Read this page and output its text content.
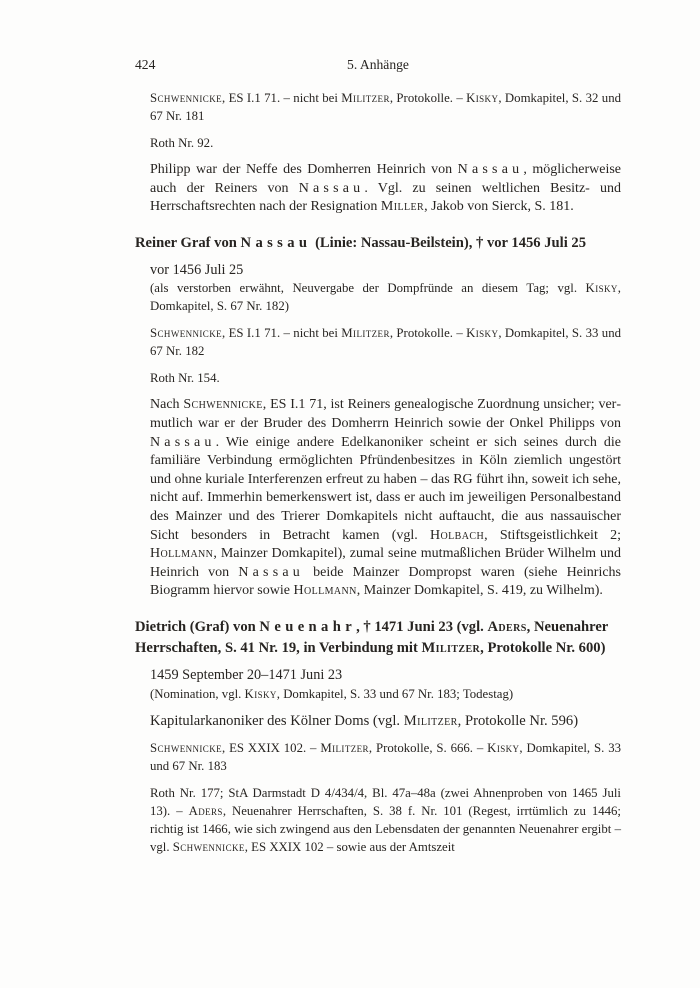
424	5. Anhänge

Schwennicke, ES I.1 71. – nicht bei Militzer, Protokolle. – Kisky, Domkapitel, S. 32 und 67 Nr. 181

Roth Nr. 92.

Philipp war der Neffe des Domherren Heinrich von Nassau, möglicherweise auch der Reiners von Nassau. Vgl. zu seinen weltlichen Besitz- und Herrschaftsrechten nach der Resignation Miller, Jakob von Sierck, S. 181.

Reiner Graf von Nassau (Linie: Nassau-Beilstein), † vor 1456 Juli 25

vor 1456 Juli 25

(als verstorben erwähnt, Neuvergabe der Dompfründe an diesem Tag; vgl. Kisky, Domkapitel, S. 67 Nr. 182)

Schwennicke, ES I.1 71. – nicht bei Militzer, Protokolle. – Kisky, Domkapitel, S. 33 und 67 Nr. 182

Roth Nr. 154.

Nach Schwennicke, ES I.1 71, ist Reiners genealogische Zuordnung unsicher; vermutlich war er der Bruder des Domherrn Heinrich sowie der Onkel Philipps von Nassau. Wie einige andere Edelkanoniker scheint er sich seines durch die familiäre Verbindung ermöglichten Pfründenbesitzes in Köln ziemlich ungestört und ohne kuriale Interferenzen erfreut zu haben – das RG führt ihn, soweit ich sehe, nicht auf. Immerhin bemerkenswert ist, dass er auch im jeweiligen Personalbestand des Mainzer und des Trierer Domkapitels nicht auftaucht, die aus nassauischer Sicht besonders in Betracht kamen (vgl. Holbach, Stiftsgeistlichkeit 2; Hollmann, Mainzer Domkapitel), zumal seine mutmaßlichen Brüder Wilhelm und Heinrich von Nassau beide Mainzer Dompropst waren (siehe Heinrichs Biogramm hiervor sowie Hollmann, Mainzer Domkapitel, S. 419, zu Wilhelm).

Dietrich (Graf) von Neuenahr, † 1471 Juni 23 (vgl. Aders, Neuenahrer Herrschaften, S. 41 Nr. 19, in Verbindung mit Militzer, Protokolle Nr. 600)

1459 September 20–1471 Juni 23

(Nomination, vgl. Kisky, Domkapitel, S. 33 und 67 Nr. 183; Todestag)

Kapitularkanoniker des Kölner Doms (vgl. Militzer, Protokolle Nr. 596)

Schwennicke, ES XXIX 102. – Militzer, Protokolle, S. 666. – Kisky, Domkapitel, S. 33 und 67 Nr. 183

Roth Nr. 177; StA Darmstadt D 4/434/4, Bl. 47a–48a (zwei Ahnenproben von 1465 Juli 13). – Aders, Neuenahrer Herrschaften, S. 38 f. Nr. 101 (Regest, irrtümlich zu 1446; richtig ist 1466, wie sich zwingend aus den Lebensdaten der genannten Neuenahrer ergibt – vgl. Schwennicke, ES XXIX 102 – sowie aus der Amtszeit
